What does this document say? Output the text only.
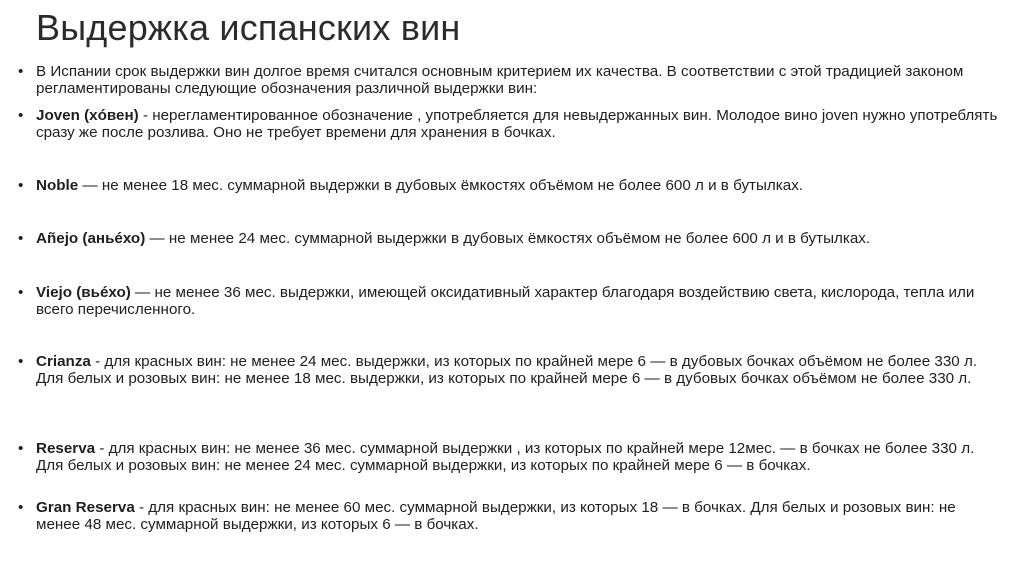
Выдержка испанских вин
• В Испании срок выдержки вин долгое время считался основным критерием их качества. В соответствии с этой традицией законом регламентированы следующие обозначения различной выдержки вин:
• Joven (хóвен) - нерегламентированное обозначение , употребляется для невыдержанных вин. Молодое вино joven нужно употреблять сразу же после розлива. Оно не требует времени для хранения в бочках.
• Noble — не менее 18 мес. суммарной выдержки в дубовых ёмкостях объёмом не более 600 л и в бутылках.
• Añejo (аньéхо) — не менее 24 мес. суммарной выдержки в дубовых ёмкостях объёмом не более 600 л и в бутылках.
• Viejo (вьéхо) — не менее 36 мес. выдержки, имеющей оксидативный характер благодаря воздействию света, кислорода, тепла или всего перечисленного.
• Crianza - для красных вин: не менее 24 мес. выдержки, из которых по крайней мере 6 — в дубовых бочках объёмом не более 330 л. Для белых и розовых вин: не менее 18 мес. выдержки, из которых по крайней мере 6 — в дубовых бочках объёмом не более 330 л.
• Reserva - для красных вин: не менее 36 мес. суммарной выдержки , из которых по крайней мере 12мес. — в бочках не более 330 л. Для белых и розовых вин: не менее 24 мес. суммарной выдержки, из которых по крайней мере 6 — в бочках.
• Gran Reserva - для красных вин: не менее 60 мес. суммарной выдержки, из которых 18 — в бочках. Для белых и розовых вин: не менее 48 мес. суммарной выдержки, из которых 6 — в бочках.
